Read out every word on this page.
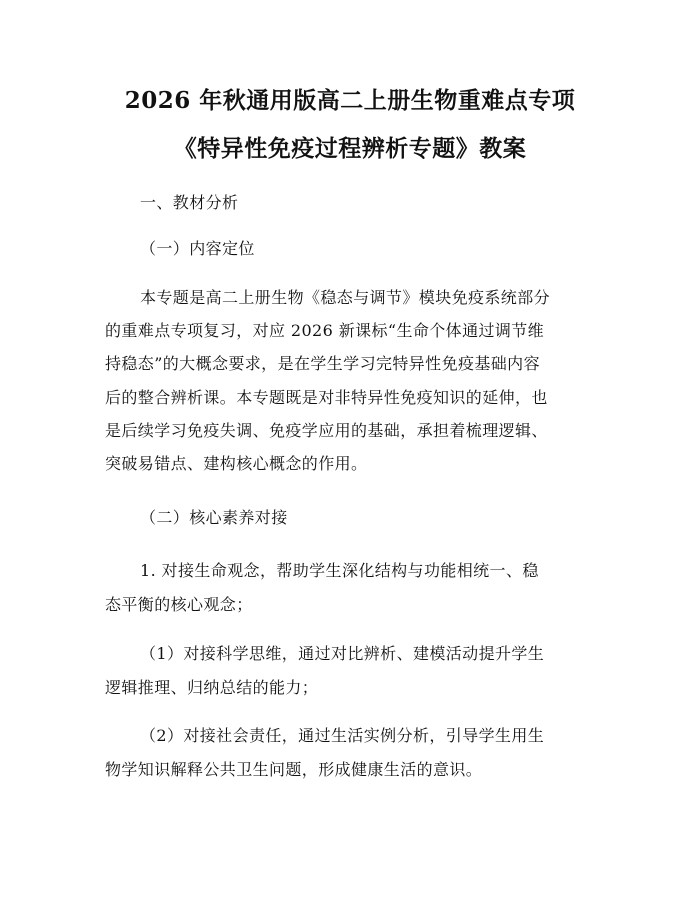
2026 年秋通用版高二上册生物重难点专项
《特异性免疫过程辨析专题》教案
一、教材分析
（一）内容定位
本专题是高二上册生物《稳态与调节》模块免疫系统部分
的重难点专项复习，对应 2026 新课标“生命个体通过调节维
持稳态”的大概念要求，是在学生学习完特异性免疫基础内容
后的整合辨析课。本专题既是对非特异性免疫知识的延伸，也
是后续学习免疫失调、免疫学应用的基础，承担着梳理逻辑、
突破易错点、建构核心概念的作用。
（二）核心素养对接
1. 对接生命观念，帮助学生深化结构与功能相统一、稳
态平衡的核心观念；
（1）对接科学思维，通过对比辨析、建模活动提升学生
逻辑推理、归纳总结的能力；
（2）对接社会责任，通过生活实例分析，引导学生用生
物学知识解释公共卫生问题，形成健康生活的意识。
